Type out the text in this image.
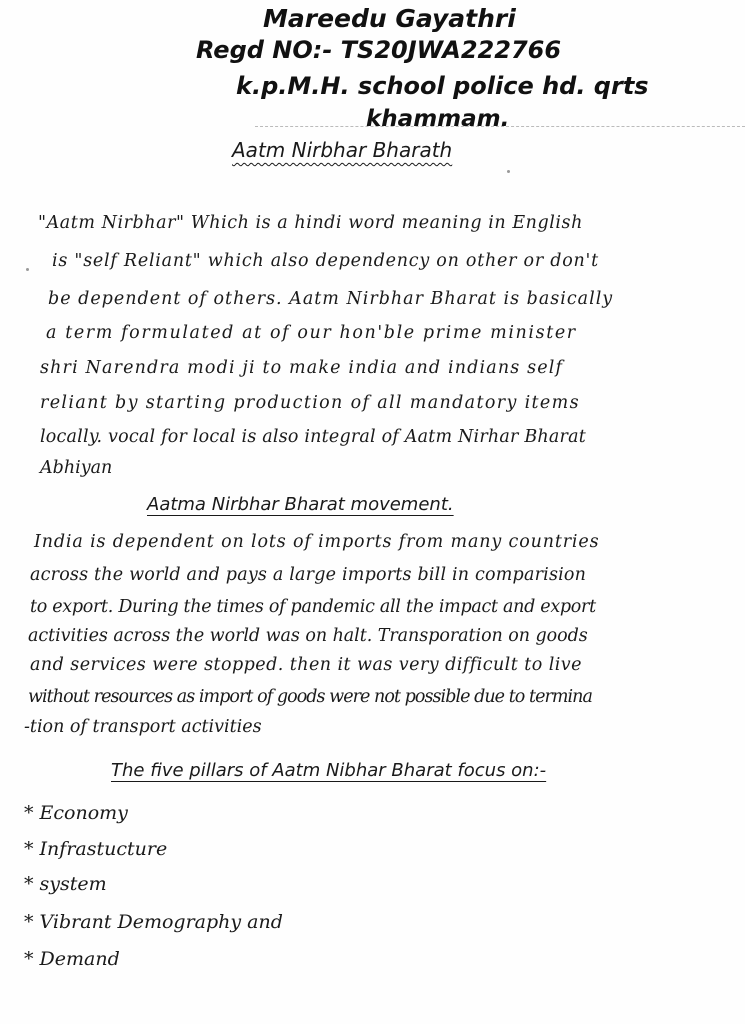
Mareedu Gayathri
Regd NO:- TS20JWA222766
k.p.M.H. school police hd. qrts
khammam.
Aatm Nirbhar Bharath
"Aatm Nirbhar" Which is a hindi word meaning in English
is "self Reliant" which also dependency on other or don't
be dependent of others. Aatm Nirbhar Bharat is basically
a term formulated at of our hon'ble prime minister
shri Narendra modi ji to make india and indians self
reliant by starting production of all mandatory items
locally. vocal for local is also integral of Aatm Nirhar Bharat
Abhiyan
Aatma Nirbhar Bharat movement.
India is dependent on lots of imports from many countries
across the world and pays a large imports bill in comparision
to export. During the times of pandemic all the impact and export
activities across the world was on halt. Transporation on goods
and services were stopped. then it was very difficult to live
without resources as import of goods were not possible due to termina
-tion of transport activities
The five pillars of Aatm Nibhar Bharat focus on:-
* Economy
* Infrastucture
* system
* Vibrant Demography and
* Demand
